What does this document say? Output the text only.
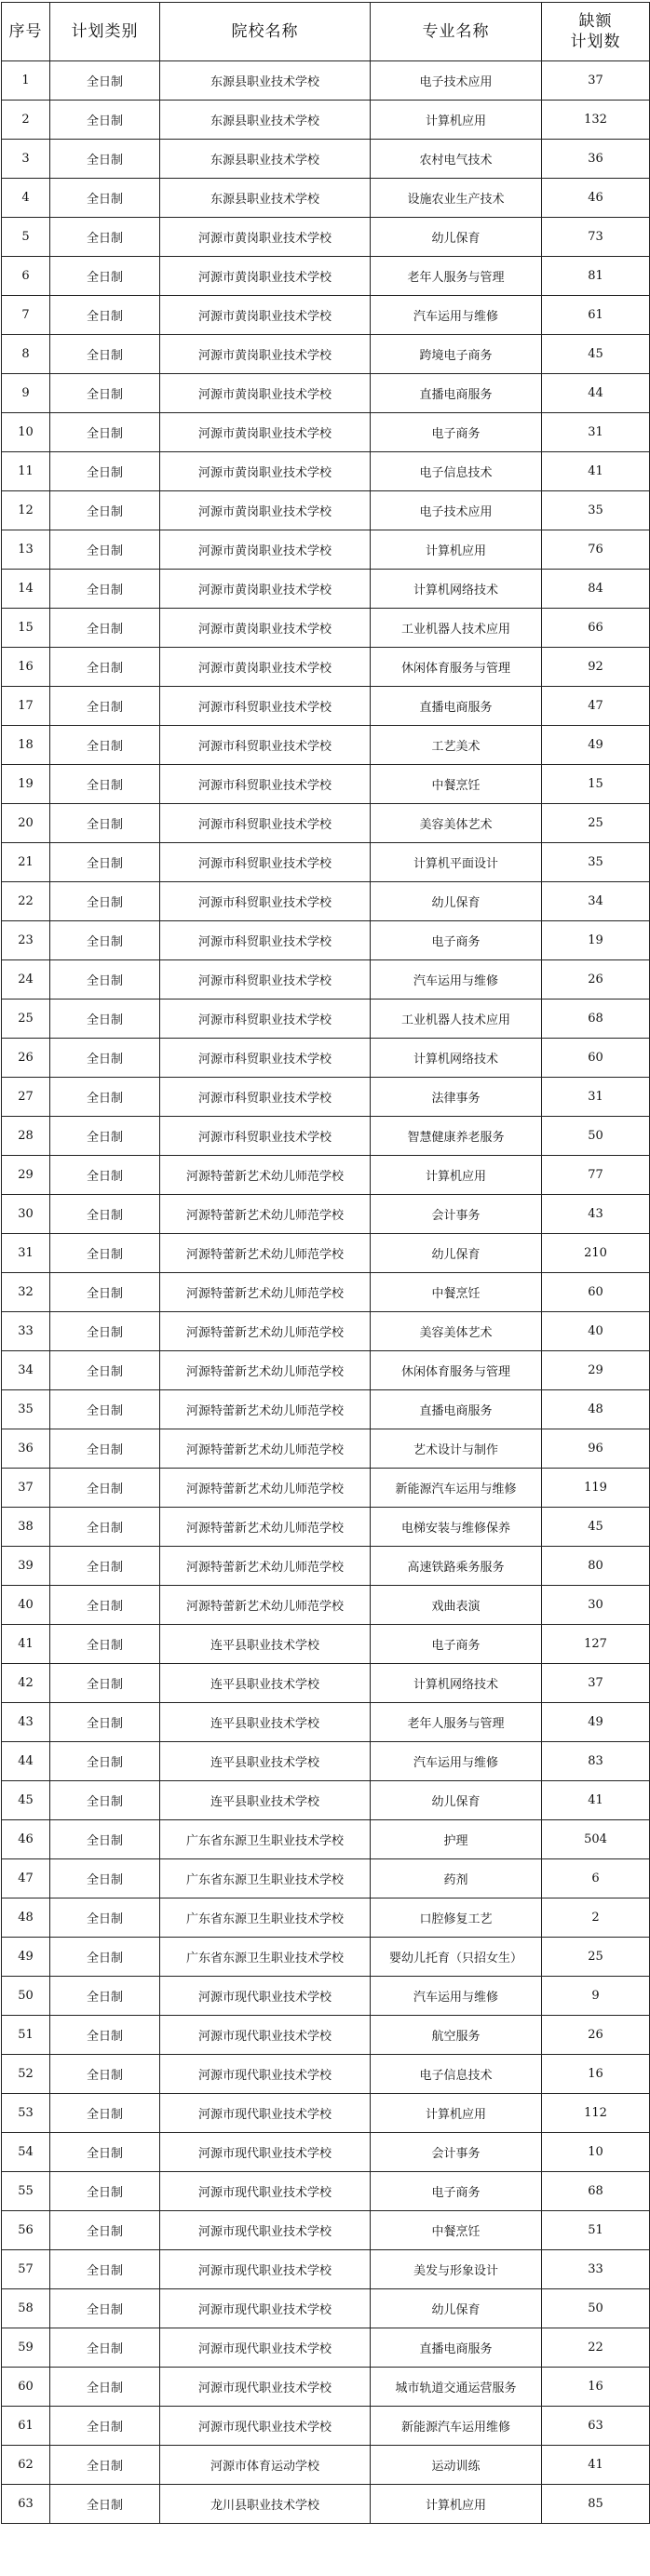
序号	计划类别	院校名称	专业名称	缺额
计划数

1	全日制	东源县职业技术学校	电子技术应用	37
2	全日制	东源县职业技术学校	计算机应用	132
3	全日制	东源县职业技术学校	农村电气技术	36
4	全日制	东源县职业技术学校	设施农业生产技术	46
5	全日制	河源市黄岗职业技术学校	幼儿保育	73
6	全日制	河源市黄岗职业技术学校	老年人服务与管理	81
7	全日制	河源市黄岗职业技术学校	汽车运用与维修	61
8	全日制	河源市黄岗职业技术学校	跨境电子商务	45
9	全日制	河源市黄岗职业技术学校	直播电商服务	44
10	全日制	河源市黄岗职业技术学校	电子商务	31
11	全日制	河源市黄岗职业技术学校	电子信息技术	41
12	全日制	河源市黄岗职业技术学校	电子技术应用	35
13	全日制	河源市黄岗职业技术学校	计算机应用	76
14	全日制	河源市黄岗职业技术学校	计算机网络技术	84
15	全日制	河源市黄岗职业技术学校	工业机器人技术应用	66
16	全日制	河源市黄岗职业技术学校	休闲体育服务与管理	92
17	全日制	河源市科贸职业技术学校	直播电商服务	47
18	全日制	河源市科贸职业技术学校	工艺美术	49
19	全日制	河源市科贸职业技术学校	中餐烹饪	15
20	全日制	河源市科贸职业技术学校	美容美体艺术	25
21	全日制	河源市科贸职业技术学校	计算机平面设计	35
22	全日制	河源市科贸职业技术学校	幼儿保育	34
23	全日制	河源市科贸职业技术学校	电子商务	19
24	全日制	河源市科贸职业技术学校	汽车运用与维修	26
25	全日制	河源市科贸职业技术学校	工业机器人技术应用	68
26	全日制	河源市科贸职业技术学校	计算机网络技术	60
27	全日制	河源市科贸职业技术学校	法律事务	31
28	全日制	河源市科贸职业技术学校	智慧健康养老服务	50
29	全日制	河源特蕾新艺术幼儿师范学校	计算机应用	77
30	全日制	河源特蕾新艺术幼儿师范学校	会计事务	43
31	全日制	河源特蕾新艺术幼儿师范学校	幼儿保育	210
32	全日制	河源特蕾新艺术幼儿师范学校	中餐烹饪	60
33	全日制	河源特蕾新艺术幼儿师范学校	美容美体艺术	40
34	全日制	河源特蕾新艺术幼儿师范学校	休闲体育服务与管理	29
35	全日制	河源特蕾新艺术幼儿师范学校	直播电商服务	48
36	全日制	河源特蕾新艺术幼儿师范学校	艺术设计与制作	96
37	全日制	河源特蕾新艺术幼儿师范学校	新能源汽车运用与维修	119
38	全日制	河源特蕾新艺术幼儿师范学校	电梯安装与维修保养	45
39	全日制	河源特蕾新艺术幼儿师范学校	高速铁路乘务服务	80
40	全日制	河源特蕾新艺术幼儿师范学校	戏曲表演	30
41	全日制	连平县职业技术学校	电子商务	127
42	全日制	连平县职业技术学校	计算机网络技术	37
43	全日制	连平县职业技术学校	老年人服务与管理	49
44	全日制	连平县职业技术学校	汽车运用与维修	83
45	全日制	连平县职业技术学校	幼儿保育	41
46	全日制	广东省东源卫生职业技术学校	护理	504
47	全日制	广东省东源卫生职业技术学校	药剂	6
48	全日制	广东省东源卫生职业技术学校	口腔修复工艺	2
49	全日制	广东省东源卫生职业技术学校	婴幼儿托育（只招女生）	25
50	全日制	河源市现代职业技术学校	汽车运用与维修	9
51	全日制	河源市现代职业技术学校	航空服务	26
52	全日制	河源市现代职业技术学校	电子信息技术	16
53	全日制	河源市现代职业技术学校	计算机应用	112
54	全日制	河源市现代职业技术学校	会计事务	10
55	全日制	河源市现代职业技术学校	电子商务	68
56	全日制	河源市现代职业技术学校	中餐烹饪	51
57	全日制	河源市现代职业技术学校	美发与形象设计	33
58	全日制	河源市现代职业技术学校	幼儿保育	50
59	全日制	河源市现代职业技术学校	直播电商服务	22
60	全日制	河源市现代职业技术学校	城市轨道交通运营服务	16
61	全日制	河源市现代职业技术学校	新能源汽车运用维修	63
62	全日制	河源市体育运动学校	运动训练	41
63	全日制	龙川县职业技术学校	计算机应用	85
